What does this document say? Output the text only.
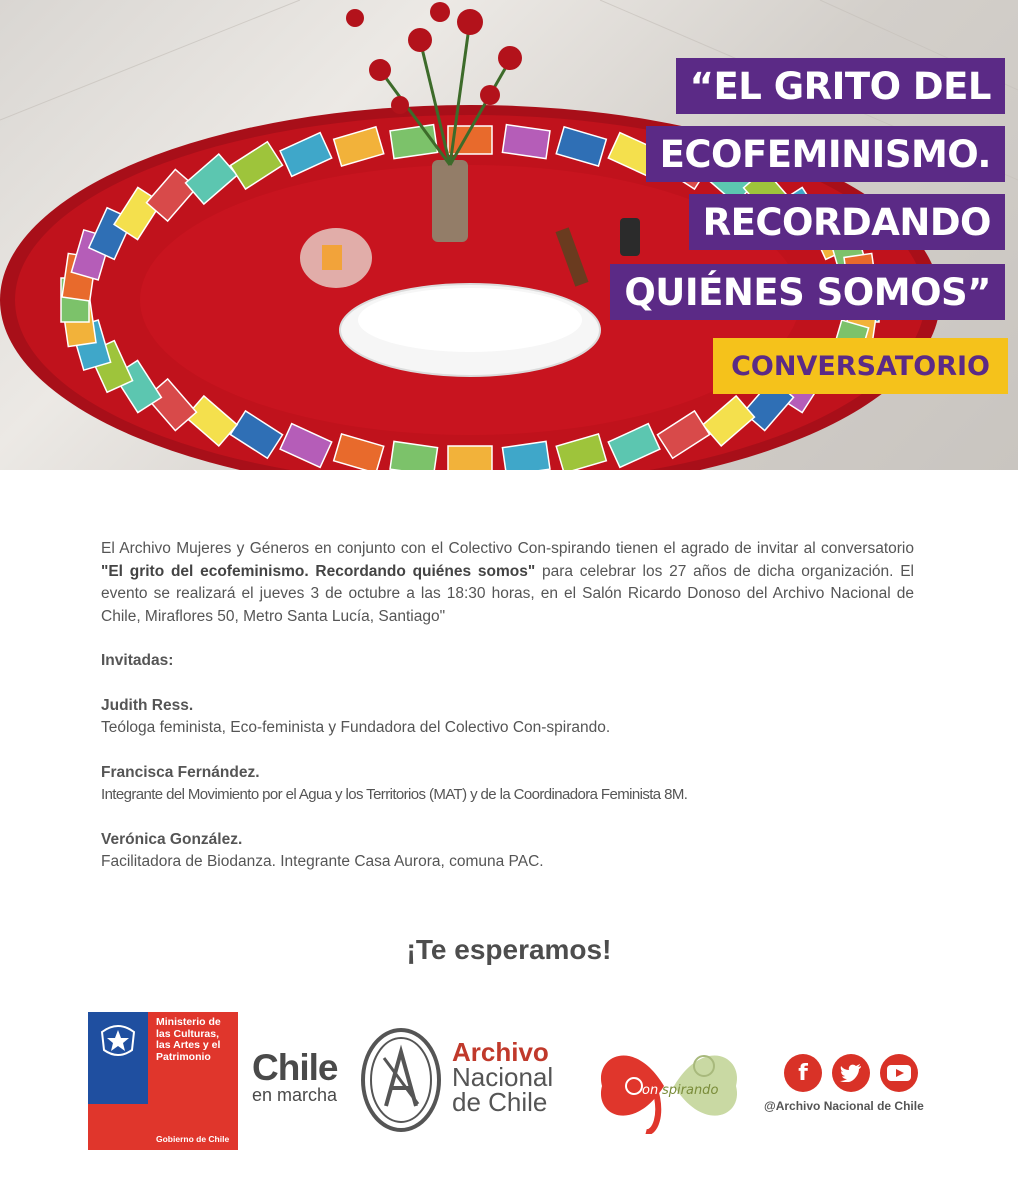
“EL GRITO DEL
ECOFEMINISMO.
RECORDANDO
QUIÉNES SOMOS”
CONVERSATORIO

El Archivo Mujeres y Géneros en conjunto con el Colectivo Con-spirando tienen el agrado de invitar al conversatorio "El grito del ecofeminismo. Recordando quiénes somos" para celebrar los 27 años de dicha organización. El evento se realizará el jueves 3 de octubre a las 18:30 horas, en el Salón Ricardo Donoso del Archivo Nacional de Chile, Miraflores 50, Metro Santa Lucía, Santiago"

Invitadas:

Judith Ress.

Teóloga feminista, Eco-feminista y Fundadora del Colectivo Con-spirando.

Francisca Fernández.

Integrante del Movimiento por el Agua y los Territorios (MAT) y de la Coordinadora Feminista 8M.

Verónica González.

Facilitadora de Biodanza. Integrante Casa Aurora, comuna PAC.

¡Te esperamos!
Ministerio de
las Culturas,
las Artes y el
Patrimonio
Gobierno de Chile
Chile
en marcha
Archivo
Nacional
de Chile	on spirando
f
@Archivo Nacional de Chile
